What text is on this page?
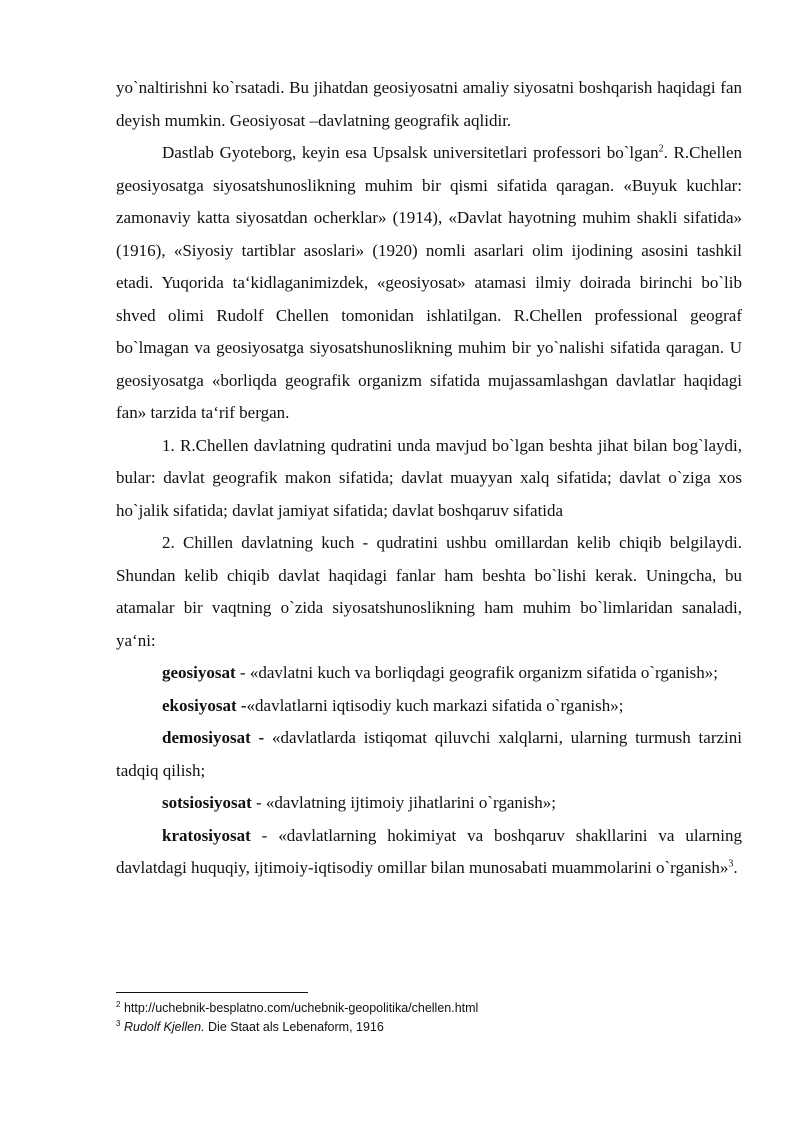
yo`naltirishni ko`rsatadi. Bu jihatdan geosiyosatni amaliy siyosatni boshqarish haqidagi fan deyish mumkin. Geosiyosat –davlatning geografik aqlidir.

Dastlab Gyoteborg, keyin esa Upsalsk universitetlari professori bo`lgan$^2$. R.Chellen geosiyosatga siyosatshunoslikning muhim bir qismi sifatida qaragan. «Buyuk kuchlar: zamonaviy katta siyosatdan ocherklar» (1914), «Davlat hayotning muhim shakli sifatida» (1916), «Siyosiy tartiblar asoslari» (1920) nomli asarlari olim ijodining asosini tashkil etadi. Yuqorida ta‘kidlaganimizdek, «geosiyosat» atamasi ilmiy doirada birinchi bo`lib shved olimi Rudolf Chellen tomonidan ishlatilgan. R.Chellen professional geograf bo`lmagan va geosiyosatga siyosatshunoslikning muhim bir yo`nalishi sifatida qaragan. U geosiyosatga «borliqda geografik organizm sifatida mujassamlashgan davlatlar haqidagi fan» tarzida ta‘rif bergan.

1. R.Chellen davlatning qudratini unda mavjud bo`lgan beshta jihat bilan bog`laydi, bular: davlat geografik makon sifatida; davlat muayyan xalq sifatida; davlat o`ziga xos ho`jalik sifatida; davlat jamiyat sifatida; davlat boshqaruv sifatida

2. Chillen davlatning kuch - qudratini ushbu omillardan kelib chiqib belgilaydi. Shundan kelib chiqib davlat haqidagi fanlar ham beshta bo`lishi kerak. Uningcha, bu atamalar bir vaqtning o`zida siyosatshunoslikning ham muhim bo`limlaridan sanaladi, ya‘ni:

geosiyosat - «davlatni kuch va borliqdagi geografik organizm sifatida o`rganish»;

ekosiyosat -«davlatlarni iqtisodiy kuch markazi sifatida o`rganish»;

demosiyosat - «davlatlarda istiqomat qiluvchi xalqlarni, ularning turmush tarzini tadqiq qilish;

sotsiosiyosat - «davlatning ijtimoiy jihatlarini o`rganish»;

kratosiyosat - «davlatlarning hokimiyat va boshqaruv shakllarini va ularning davlatdagi huquqiy, ijtimoiy-iqtisodiy omillar bilan munosabati muammolarini o`rganish»$^3$.

$^2$ http://uchebnik-besplatno.com/uchebnik-geopolitika/chellen.html

$^3$ Rudolf Kjellen. Die Staat als Lebenaform, 1916
